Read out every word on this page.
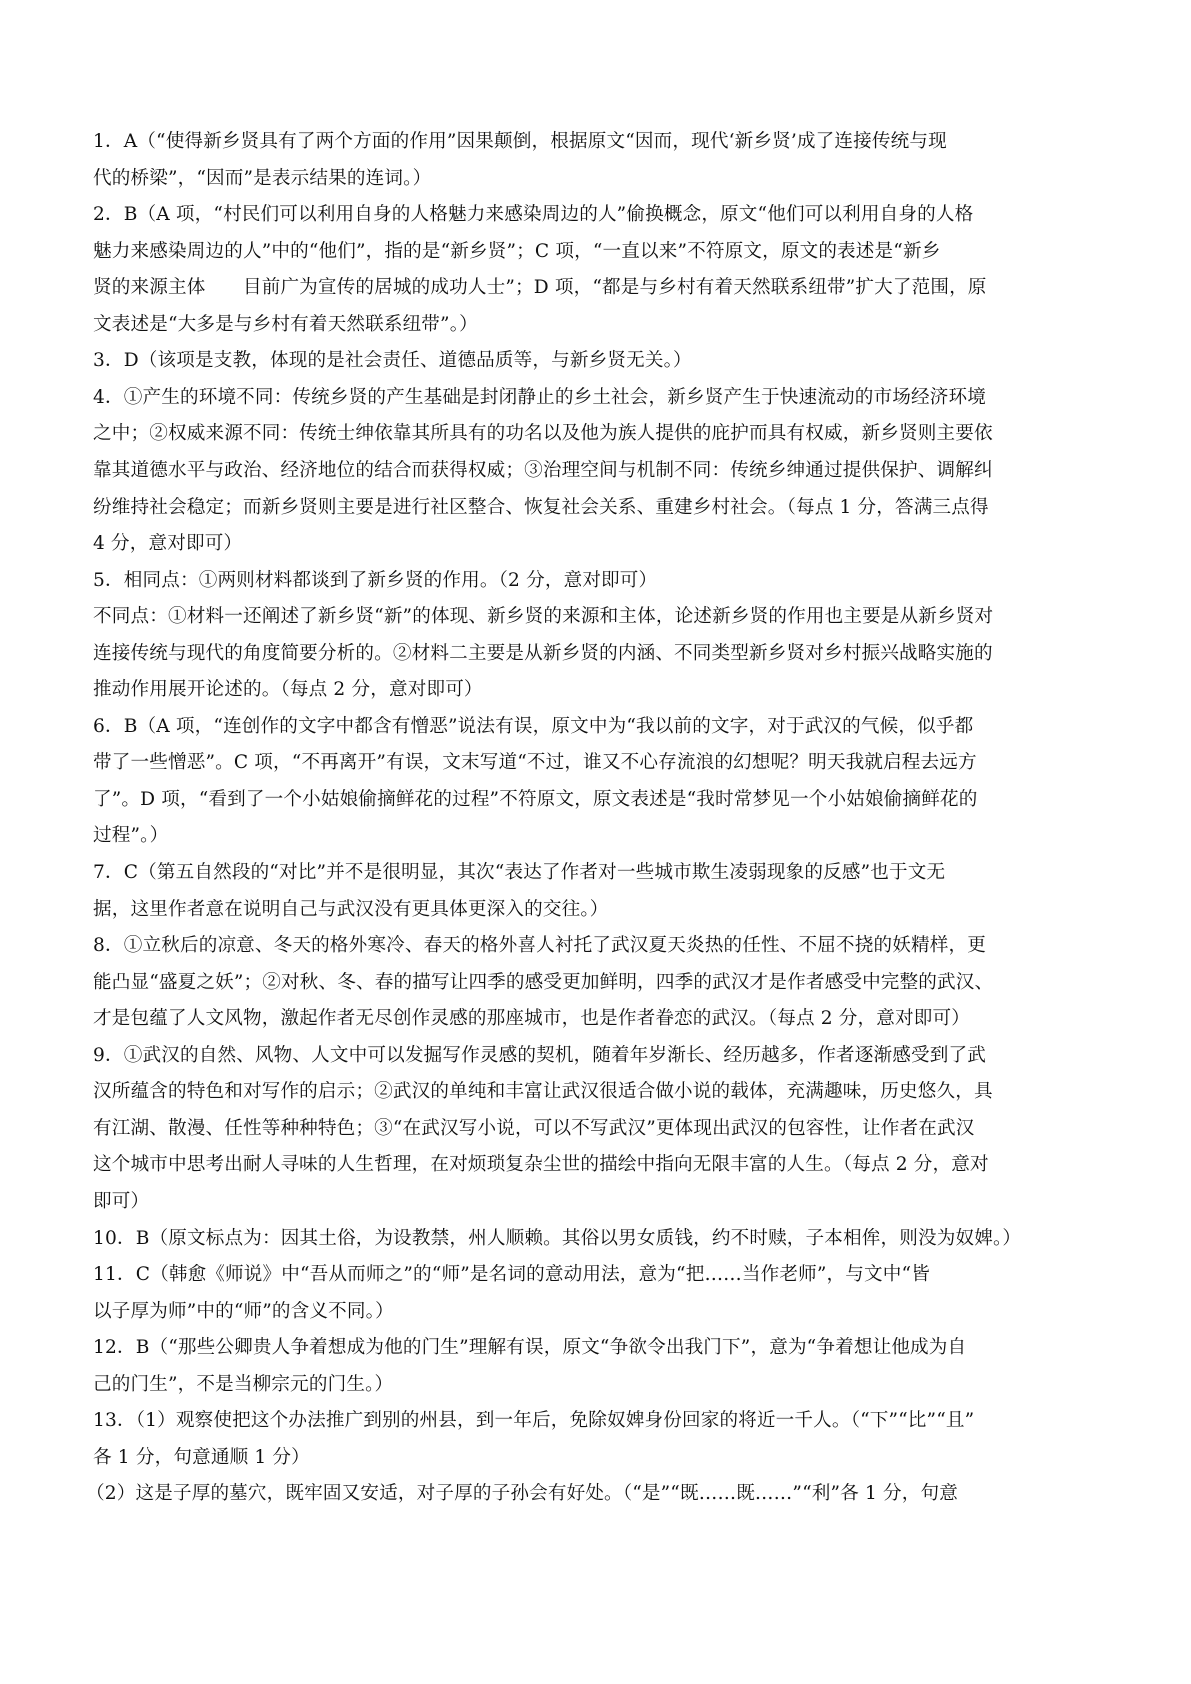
1．A（“使得新乡贤具有了两个方面的作用”因果颠倒，根据原文“因而，现代‘新乡贤’成了连接传统与现
代的桥梁”，“因而”是表示结果的连词。）
2．B（A 项，“村民们可以利用自身的人格魅力来感染周边的人”偷换概念，原文“他们可以利用自身的人格
魅力来感染周边的人”中的“他们”，指的是“新乡贤”；C 项，“一直以来”不符原文，原文的表述是“新乡
贤的来源主体　　目前广为宣传的居城的成功人士”；D 项，“都是与乡村有着天然联系纽带”扩大了范围，原
文表述是“大多是与乡村有着天然联系纽带”。）
3．D（该项是支教，体现的是社会责任、道德品质等，与新乡贤无关。）
4．①产生的环境不同：传统乡贤的产生基础是封闭静止的乡土社会，新乡贤产生于快速流动的市场经济环境
之中；②权威来源不同：传统士绅依靠其所具有的功名以及他为族人提供的庇护而具有权威，新乡贤则主要依
靠其道德水平与政治、经济地位的结合而获得权威；③治理空间与机制不同：传统乡绅通过提供保护、调解纠
纷维持社会稳定；而新乡贤则主要是进行社区整合、恢复社会关系、重建乡村社会。（每点 1 分，答满三点得
4 分，意对即可）
5．相同点：①两则材料都谈到了新乡贤的作用。（2 分，意对即可）
不同点：①材料一还阐述了新乡贤“新”的体现、新乡贤的来源和主体，论述新乡贤的作用也主要是从新乡贤对
连接传统与现代的角度简要分析的。②材料二主要是从新乡贤的内涵、不同类型新乡贤对乡村振兴战略实施的
推动作用展开论述的。（每点 2 分，意对即可）
6．B（A 项，“连创作的文字中都含有憎恶”说法有误，原文中为“我以前的文字，对于武汉的气候，似乎都
带了一些憎恶”。C 项，“不再离开”有误，文末写道“不过，谁又不心存流浪的幻想呢？明天我就启程去远方
了”。D 项，“看到了一个小姑娘偷摘鲜花的过程”不符原文，原文表述是“我时常梦见一个小姑娘偷摘鲜花的
过程”。）
7．C（第五自然段的“对比”并不是很明显，其次“表达了作者对一些城市欺生凌弱现象的反感”也于文无
据，这里作者意在说明自己与武汉没有更具体更深入的交往。）
8．①立秋后的凉意、冬天的格外寒冷、春天的格外喜人衬托了武汉夏天炎热的任性、不屈不挠的妖精样，更
能凸显“盛夏之妖”；②对秋、冬、春的描写让四季的感受更加鲜明，四季的武汉才是作者感受中完整的武汉、
才是包蕴了人文风物，激起作者无尽创作灵感的那座城市，也是作者眷恋的武汉。（每点 2 分，意对即可）
9．①武汉的自然、风物、人文中可以发掘写作灵感的契机，随着年岁渐长、经历越多，作者逐渐感受到了武
汉所蕴含的特色和对写作的启示；②武汉的单纯和丰富让武汉很适合做小说的载体，充满趣味，历史悠久，具
有江湖、散漫、任性等种种特色；③“在武汉写小说，可以不写武汉”更体现出武汉的包容性，让作者在武汉
这个城市中思考出耐人寻味的人生哲理，在对烦琐复杂尘世的描绘中指向无限丰富的人生。（每点 2 分，意对
即可）
10．B（原文标点为：因其土俗，为设教禁，州人顺赖。其俗以男女质钱，约不时赎，子本相侔，则没为奴婢。）
11．C（韩愈《师说》中“吾从而师之”的“师”是名词的意动用法，意为“把……当作老师”，与文中“皆
以子厚为师”中的“师”的含义不同。）
12．B（“那些公卿贵人争着想成为他的门生”理解有误，原文“争欲令出我门下”，意为“争着想让他成为自
己的门生”，不是当柳宗元的门生。）
13．（1）观察使把这个办法推广到别的州县，到一年后，免除奴婢身份回家的将近一千人。（“下”“比”“且”
各 1 分，句意通顺 1 分）
（2）这是子厚的墓穴，既牢固又安适，对子厚的子孙会有好处。（“是”“既……既……”“利”各 1 分，句意
